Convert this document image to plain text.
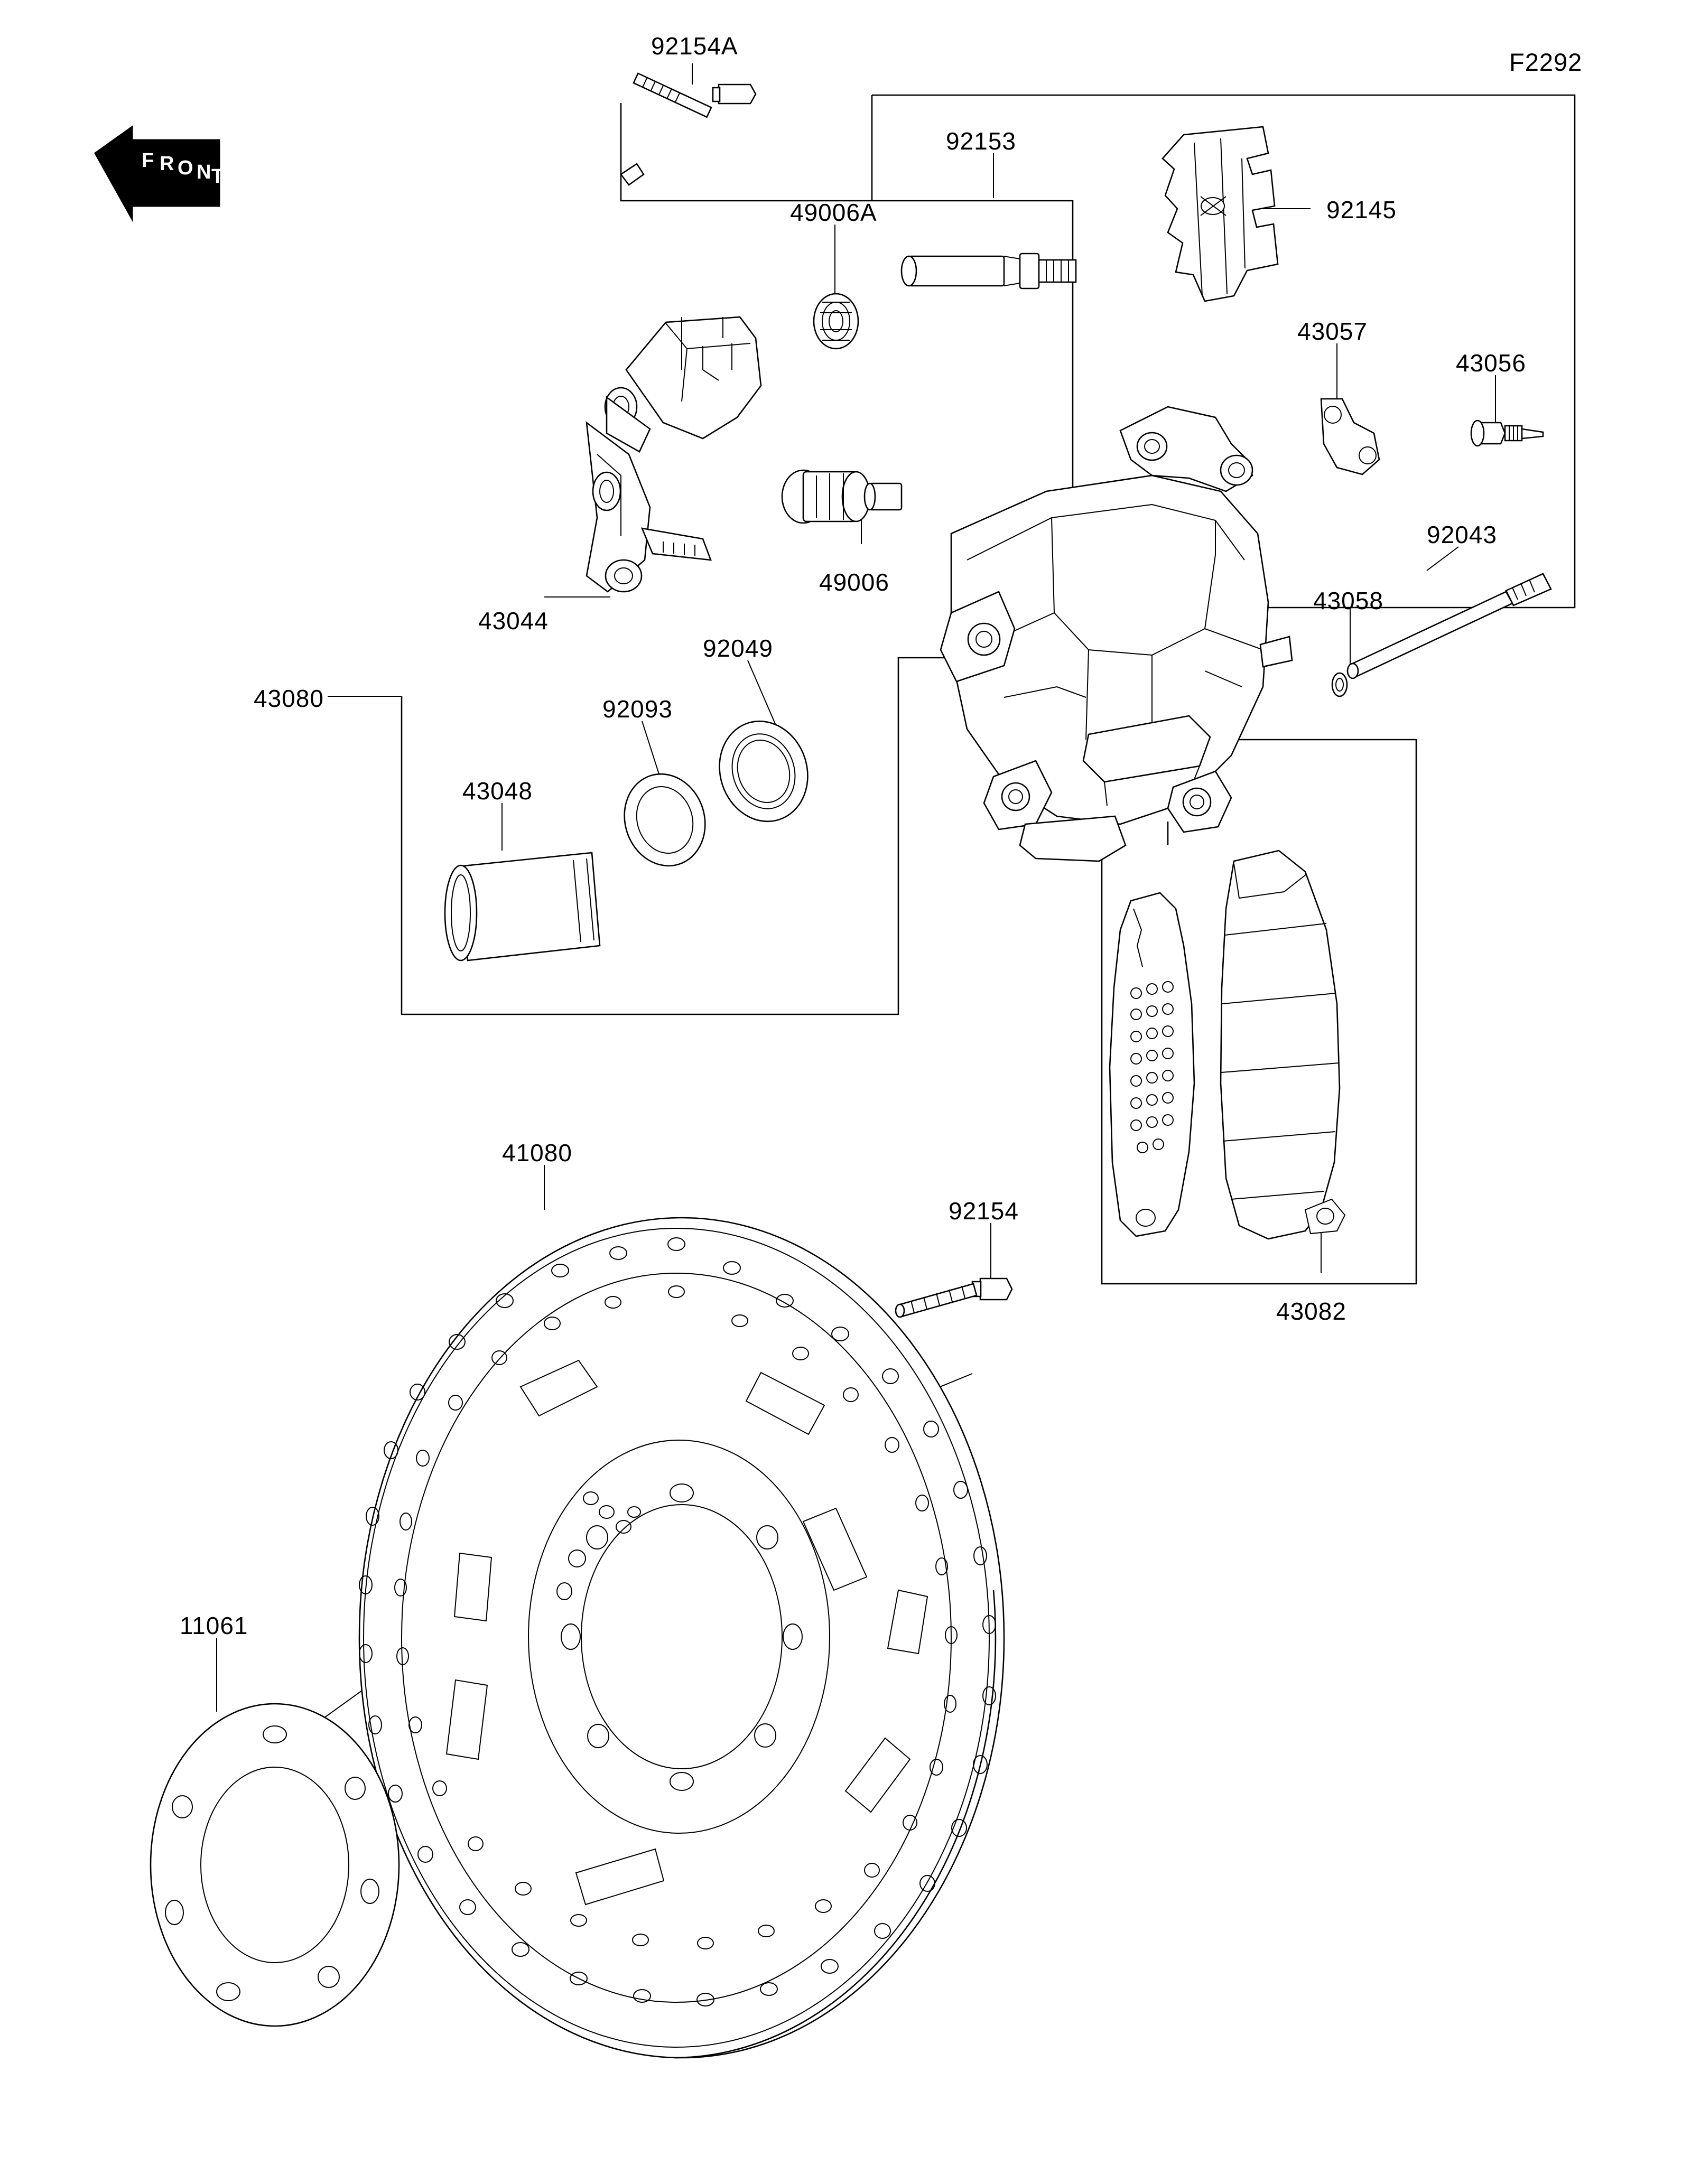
F R O N T
F2292
92154A
92153
92145
49006A
43057
43056
92043
49006
43044
43058
92049
43080	92093
43048
41080
92154
43082
11061
